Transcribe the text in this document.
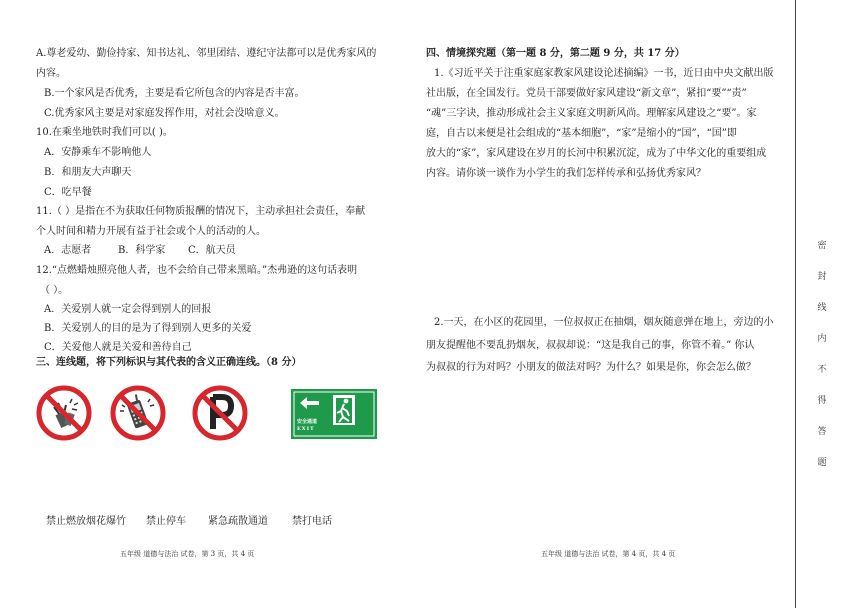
A.尊老爱幼、勤俭持家、知书达礼、邻里团结、遵纪守法都可以是优秀家风的
内容。
B.一个家风是否优秀，主要是看它所包含的内容是否丰富。
C.优秀家风主要是对家庭发挥作用，对社会没啥意义。
10.在乘坐地铁时我们可以( )。
A．安静乘车不影响他人
B．和朋友大声聊天
C．吃早餐
11.（ ）是指在不为获取任何物质报酬的情况下，主动承担社会责任，奉献
个人时间和精力开展有益于社会或个人的活动的人。
A．志愿者	B．科学家 C．航天员
12.“点燃蜡烛照亮他人者，也不会给自己带来黑暗。”杰弗逊的这句话表明
（ ）。
A．关爱别人就一定会得到别人的回报
B．关爱别人的目的是为了得到别人更多的关爱
C．关爱他人就是关爱和善待自己
三、连线题，将下列标识与其代表的含义正确连线。（8 分）
安全通道
EXIT
禁止燃放烟花爆竹 禁止停车 紧急疏散通道 禁打电话
五年级 道德与法治 试卷，第 3 页，共 4 页
四、情境探究题（第一题 8 分，第二题 9 分，共 17 分）
1.《习近平关于注重家庭家教家风建设论述摘编》一书，近日由中央文献出版
社出版，在全国发行。党员干部要做好家风建设“新文章”，紧扣“要”“责”
“魂”三字诀，推动形成社会主义家庭文明新风尚。理解家风建设之“要”。家
庭，自古以来便是社会组成的“基本细胞”，“家”是缩小的“国”，“国”即
放大的“家”，家风建设在岁月的长河中积累沉淀，成为了中华文化的重要组成
内容。请你谈一谈作为小学生的我们怎样传承和弘扬优秀家风？
2.一天，在小区的花园里，一位叔叔正在抽烟，烟灰随意弹在地上，旁边的小
朋友提醒他不要乱扔烟灰，叔叔却说：“这是我自己的事，你管不着。” 你认
为叔叔的行为对吗？小朋友的做法对吗？为什么？如果是你，你会怎么做？
五年级 道德与法治 试卷，第 4 页，共 4 页
密
封
线
内
不
得
答
题
